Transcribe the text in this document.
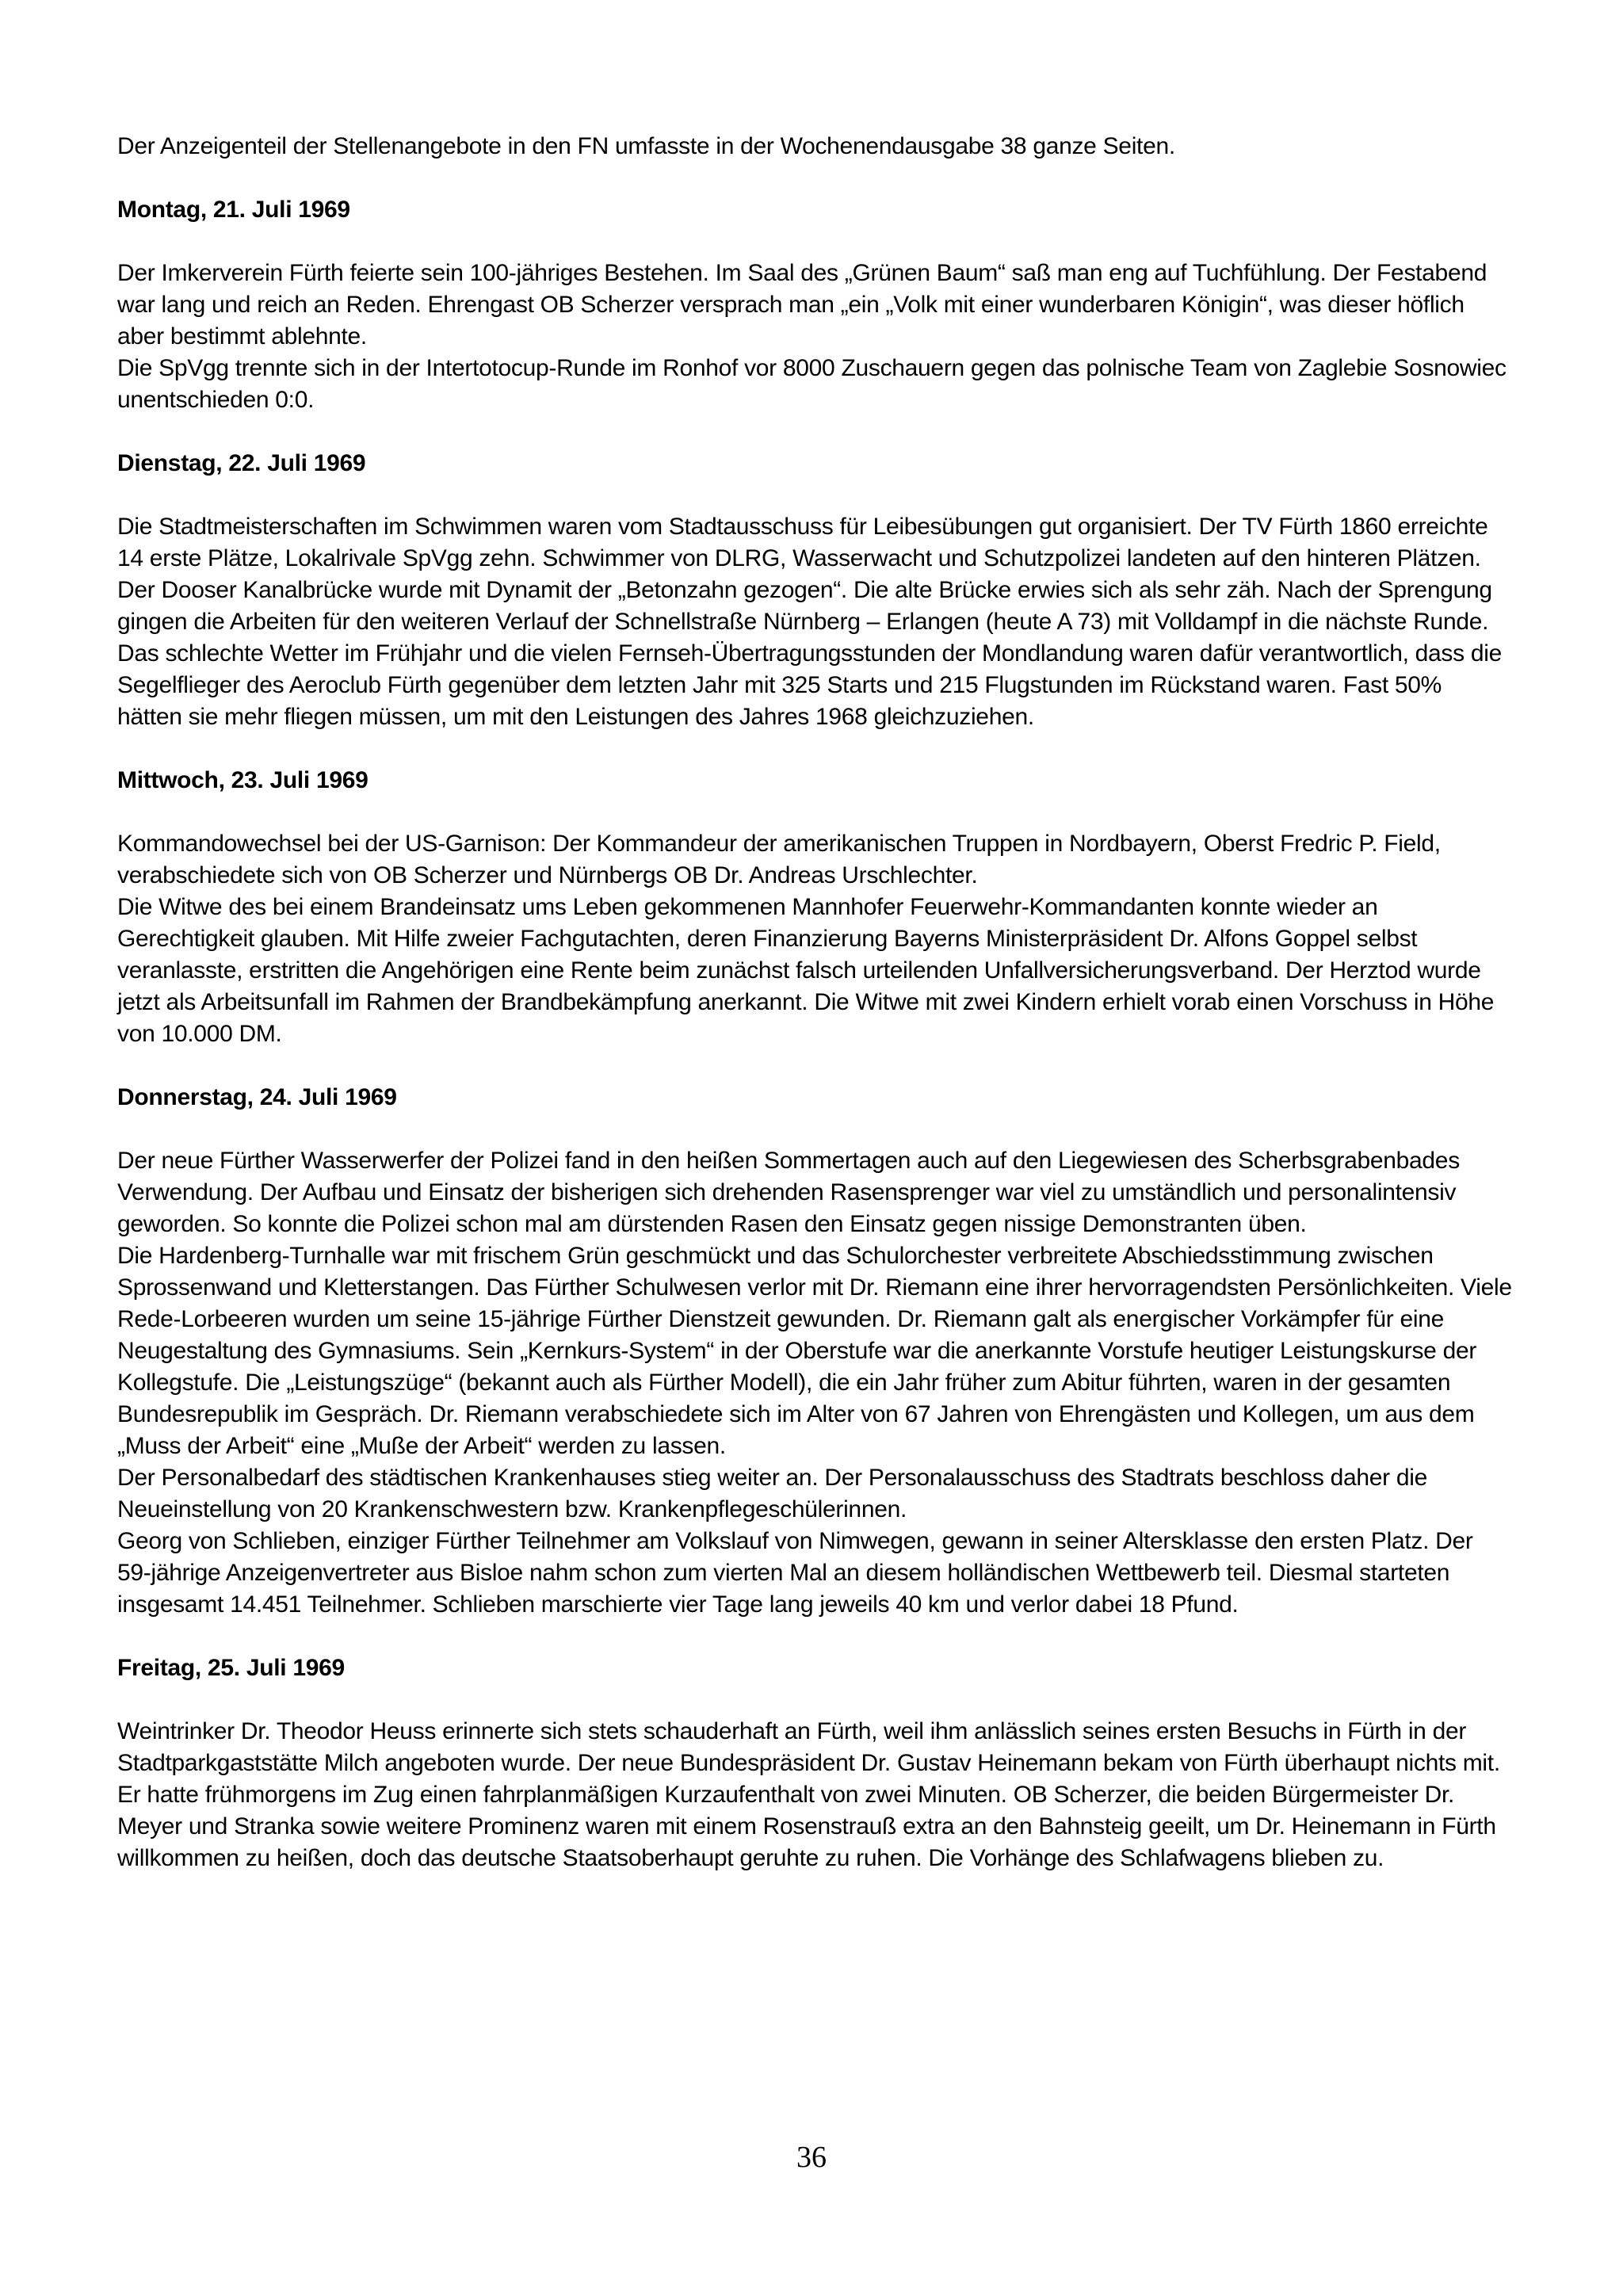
Der Anzeigenteil der Stellenangebote in den FN umfasste in der Wochenendausgabe 38 ganze Seiten.

Montag, 21. Juli 1969

Der Imkerverein Fürth feierte sein 100-jähriges Bestehen. Im Saal des „Grünen Baum“ saß man eng auf Tuchfühlung. Der Festabend war lang und reich an Reden. Ehrengast OB Scherzer versprach man „ein „Volk mit einer wunderbaren Königin“, was dieser höflich aber bestimmt ablehnte.

Die SpVgg trennte sich in der Intertotocup-Runde im Ronhof vor 8000 Zuschauern gegen das polnische Team von Zaglebie Sosnowiec unentschieden 0:0.

Dienstag, 22. Juli 1969

Die Stadtmeisterschaften im Schwimmen waren vom Stadtausschuss für Leibesübungen gut organisiert. Der TV Fürth 1860 erreichte 14 erste Plätze, Lokalrivale SpVgg zehn. Schwimmer von DLRG, Wasserwacht und Schutzpolizei landeten auf den hinteren Plätzen.

Der Dooser Kanalbrücke wurde mit Dynamit der „Betonzahn gezogen“. Die alte Brücke erwies sich als sehr zäh. Nach der Sprengung gingen die Arbeiten für den weiteren Verlauf der Schnellstraße Nürnberg – Erlangen (heute A 73) mit Volldampf in die nächste Runde.

Das schlechte Wetter im Frühjahr und die vielen Fernseh-Übertragungsstunden der Mondlandung waren dafür verantwortlich, dass die Segelflieger des Aeroclub Fürth gegenüber dem letzten Jahr mit 325 Starts und 215 Flugstunden im Rückstand waren. Fast 50% hätten sie mehr fliegen müssen, um mit den Leistungen des Jahres 1968 gleichzuziehen.

Mittwoch, 23. Juli 1969

Kommandowechsel bei der US-Garnison: Der Kommandeur der amerikanischen Truppen in Nordbayern, Oberst Fredric P. Field, verabschiedete sich von OB Scherzer und Nürnbergs OB Dr. Andreas Urschlechter.

Die Witwe des bei einem Brandeinsatz ums Leben gekommenen Mannhofer Feuerwehr-Kommandanten konnte wieder an Gerechtigkeit glauben. Mit Hilfe zweier Fachgutachten, deren Finanzierung Bayerns Ministerpräsident Dr. Alfons Goppel selbst veranlasste, erstritten die Angehörigen eine Rente beim zunächst falsch urteilenden Unfallversicherungsverband. Der Herztod wurde jetzt als Arbeitsunfall im Rahmen der Brandbekämpfung anerkannt. Die Witwe mit zwei Kindern erhielt vorab einen Vorschuss in Höhe von 10.000 DM.

Donnerstag, 24. Juli 1969

Der neue Fürther Wasserwerfer der Polizei fand in den heißen Sommertagen auch auf den Liegewiesen des Scherbsgrabenbades Verwendung. Der Aufbau und Einsatz der bisherigen sich drehenden Rasensprenger war viel zu umständlich und personalintensiv geworden. So konnte die Polizei schon mal am dürstenden Rasen den Einsatz gegen nissige Demonstranten üben.

Die Hardenberg-Turnhalle war mit frischem Grün geschmückt und das Schulorchester verbreitete Abschiedsstimmung zwischen Sprossenwand und Kletterstangen. Das Fürther Schulwesen verlor mit Dr. Riemann eine ihrer hervorragendsten Persönlichkeiten. Viele Rede-Lorbeeren wurden um seine 15-jährige Fürther Dienstzeit gewunden. Dr. Riemann galt als energischer Vorkämpfer für eine Neugestaltung des Gymnasiums. Sein „Kernkurs-System“ in der Oberstufe war die anerkannte Vorstufe heutiger Leistungskurse der Kollegstufe. Die „Leistungszüge“ (bekannt auch als Fürther Modell), die ein Jahr früher zum Abitur führten, waren in der gesamten Bundesrepublik im Gespräch. Dr. Riemann verabschiedete sich im Alter von 67 Jahren von Ehrengästen und Kollegen, um aus dem „Muss der Arbeit“ eine „Muße der Arbeit“ werden zu lassen.

Der Personalbedarf des städtischen Krankenhauses stieg weiter an. Der Personalausschuss des Stadtrats beschloss daher die Neueinstellung von 20 Krankenschwestern bzw. Krankenpflegeschülerinnen.

Georg von Schlieben, einziger Fürther Teilnehmer am Volkslauf von Nimwegen, gewann in seiner Altersklasse den ersten Platz. Der 59-jährige Anzeigenvertreter aus Bisloe nahm schon zum vierten Mal an diesem holländischen Wettbewerb teil. Diesmal starteten insgesamt 14.451 Teilnehmer. Schlieben marschierte vier Tage lang jeweils 40 km und verlor dabei 18 Pfund.

Freitag, 25. Juli 1969

Weintrinker Dr. Theodor Heuss erinnerte sich stets schauderhaft an Fürth, weil ihm anlässlich seines ersten Besuchs in Fürth in der Stadtparkgaststätte Milch angeboten wurde. Der neue Bundespräsident Dr. Gustav Heinemann bekam von Fürth überhaupt nichts mit. Er hatte frühmorgens im Zug einen fahrplanmäßigen Kurzaufenthalt von zwei Minuten. OB Scherzer, die beiden Bürgermeister Dr. Meyer und Stranka sowie weitere Prominenz waren mit einem Rosenstrauß extra an den Bahnsteig geeilt, um Dr. Heinemann in Fürth willkommen zu heißen, doch das deutsche Staatsoberhaupt geruhte zu ruhen. Die Vorhänge des Schlafwagens blieben zu.

36
